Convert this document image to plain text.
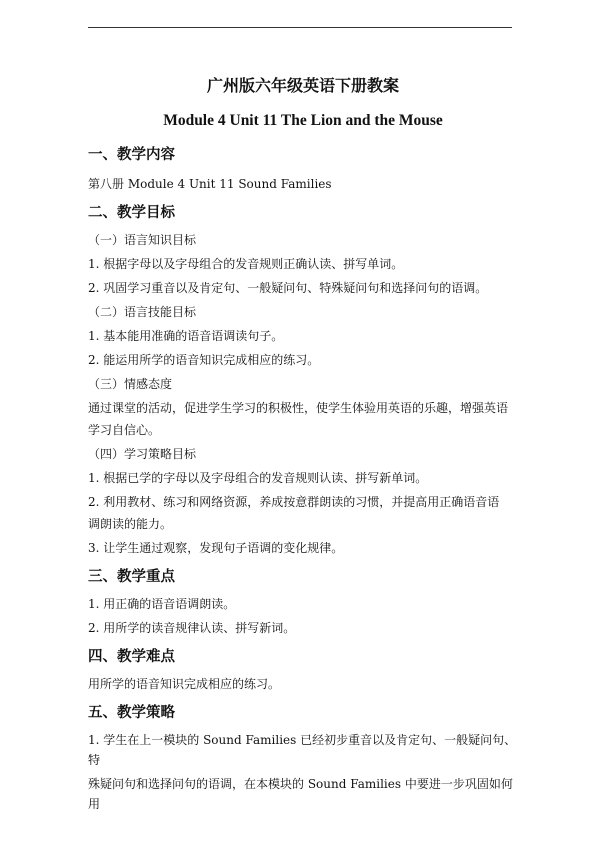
广州版六年级英语下册教案

Module 4 Unit 11 The Lion and the Mouse

一、教学内容

第八册 Module 4 Unit 11 Sound Families

二、教学目标

（一）语言知识目标

1. 根据字母以及字母组合的发音规则正确认读、拼写单词。

2. 巩固学习重音以及肯定句、一般疑问句、特殊疑问句和选择问句的语调。

（二）语言技能目标

1. 基本能用准确的语音语调读句子。

2. 能运用所学的语音知识完成相应的练习。

（三）情感态度

通过课堂的活动，促进学生学习的积极性，使学生体验用英语的乐趣，增强英语

学习自信心。

（四）学习策略目标

1. 根据已学的字母以及字母组合的发音规则认读、拼写新单词。

2. 利用教材、练习和网络资源，养成按意群朗读的习惯，并提高用正确语音语

调朗读的能力。

3. 让学生通过观察，发现句子语调的变化规律。

三、教学重点

1. 用正确的语音语调朗读。

2. 用所学的读音规律认读、拼写新词。

四、教学难点

用所学的语音知识完成相应的练习。

五、教学策略

1. 学生在上一模块的 Sound Families 已经初步重音以及肯定句、一般疑问句、特

殊疑问句和选择问句的语调，在本模块的 Sound Families 中要进一步巩固如何用
